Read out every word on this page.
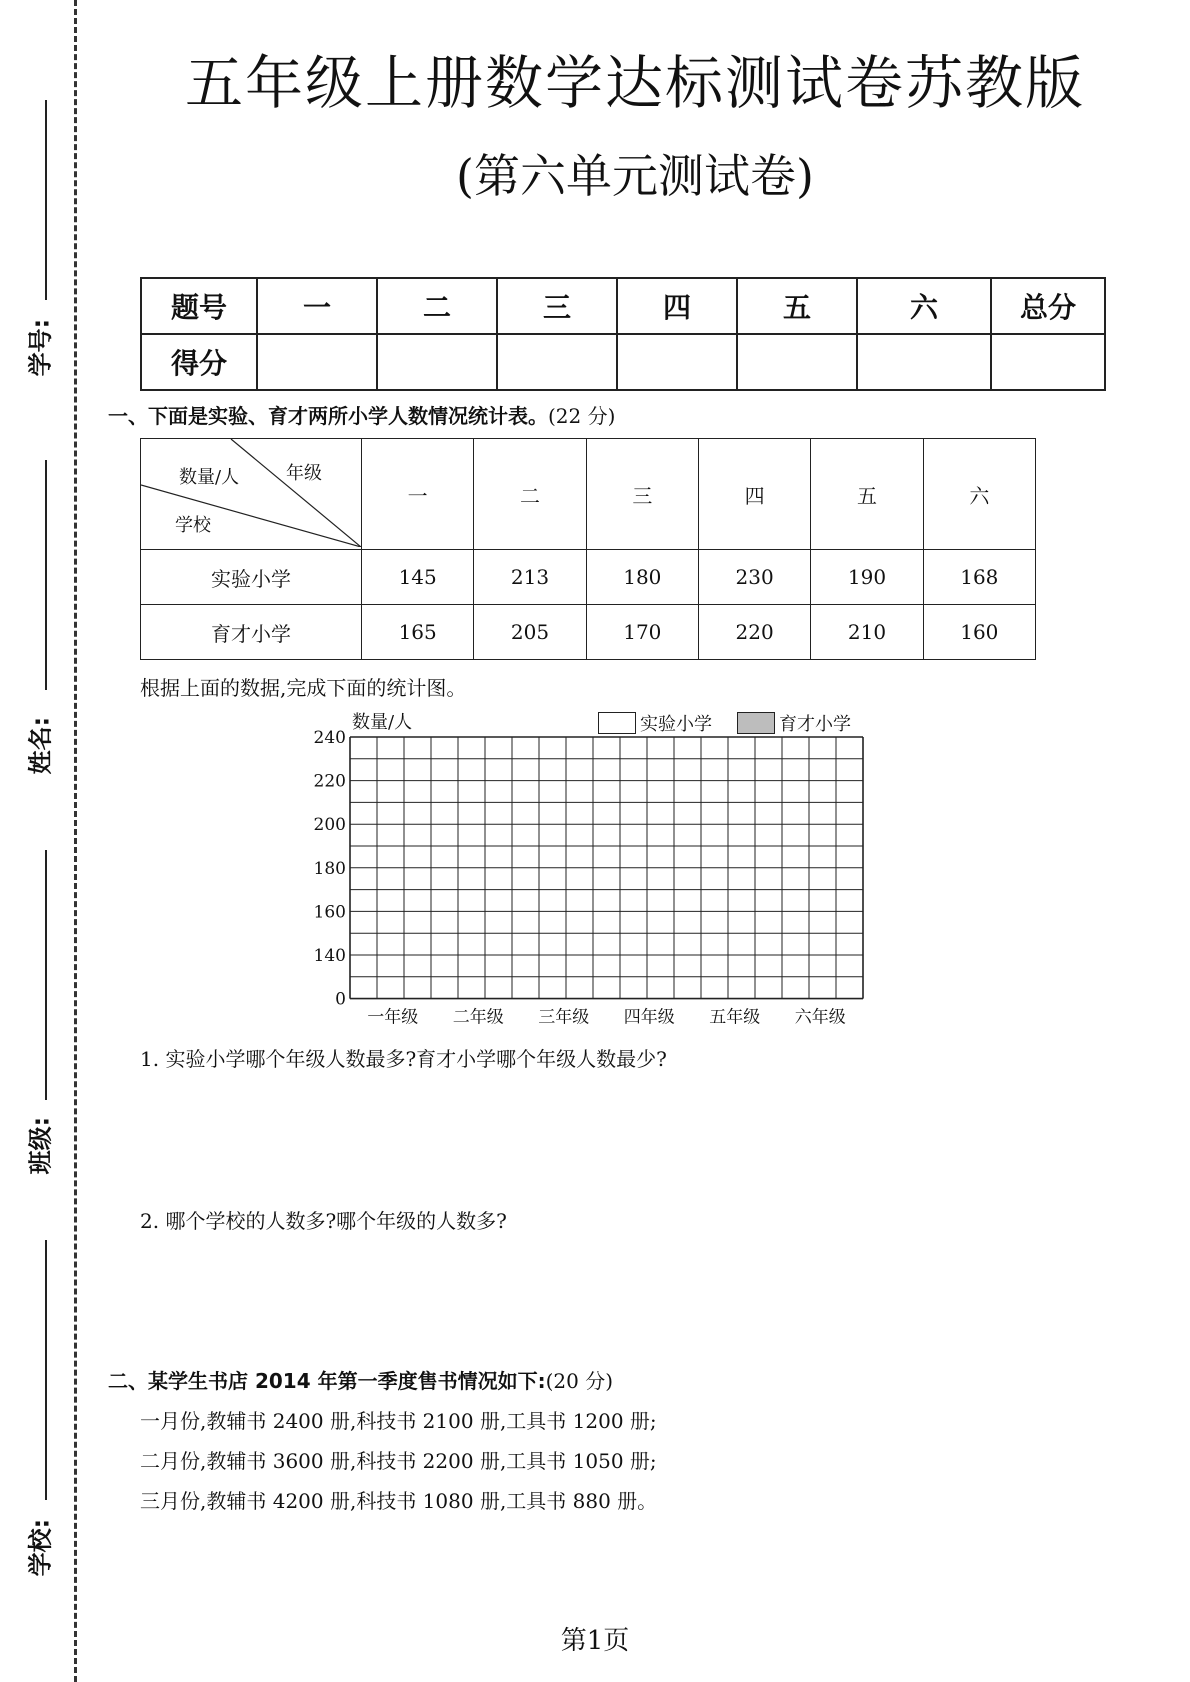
学号:
姓名:
班级:
学校:
五年级上册数学达标测试卷苏教版
(第六单元测试卷)
题号	一	二	三	四	五	六	总分
得分							
一、下面是实验、育才两所小学人数情况统计表。(22 分)
数量/人 年级
学校	一	二	三	四	五	六
实验小学	145	213	180	230	190	168
育才小学	165	205	170	220	210	160
根据上面的数据,完成下面的统计图。
数量/人
240
220
200
180
160
140
0
一年级 二年级 三年级 四年级 五年级 六年级
实验小学	育才小学
1. 实验小学哪个年级人数最多?育才小学哪个年级人数最少?
2. 哪个学校的人数多?哪个年级的人数多?
二、某学生书店 2014 年第一季度售书情况如下:(20 分)
一月份,教辅书 2400 册,科技书 2100 册,工具书 1200 册;
二月份,教辅书 3600 册,科技书 2200 册,工具书 1050 册;
三月份,教辅书 4200 册,科技书 1080 册,工具书 880 册。
第1页
